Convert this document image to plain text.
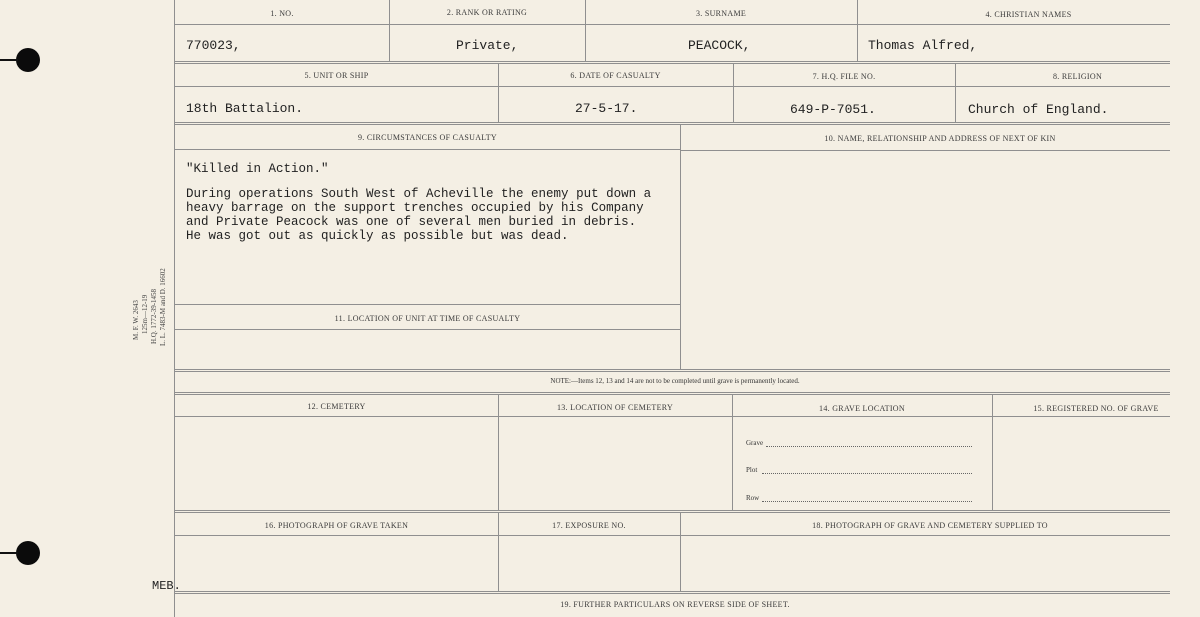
M. F. W. 2643 125m—12-19 H.Q. 1772-39-1458 L. L. 7483-M and D. 16602
1. NO.	2. RANK OR RATING	3. SURNAME	4. CHRISTIAN NAMES
770023,	Private,	PEACOCK,	Thomas Alfred,
5. UNIT OR SHIP	6. DATE OF CASUALTY	7. H.Q. FILE NO.	8. RELIGION
18th Battalion.	27-5-17.	649-P-7051.	Church of England.
9. CIRCUMSTANCES OF CASUALTY	10. NAME, RELATIONSHIP AND ADDRESS OF NEXT OF KIN
"Killed in Action."
During operations South West of Acheville the enemy put down a
heavy barrage on the support trenches occupied by his Company
and Private Peacock was one of several men buried in debris.
He was got out as quickly as possible but was dead.
11. LOCATION OF UNIT AT TIME OF CASUALTY
NOTE:—Items 12, 13 and 14 are not to be completed until grave is permanently located.
12. CEMETERY	13. LOCATION OF CEMETERY	14. GRAVE LOCATION	15. REGISTERED NO. OF GRAVE
Grave
Plot
Row
16. PHOTOGRAPH OF GRAVE TAKEN	17. EXPOSURE NO.	18. PHOTOGRAPH OF GRAVE AND CEMETERY SUPPLIED TO
19. FURTHER PARTICULARS ON REVERSE SIDE OF SHEET.
MEB.
